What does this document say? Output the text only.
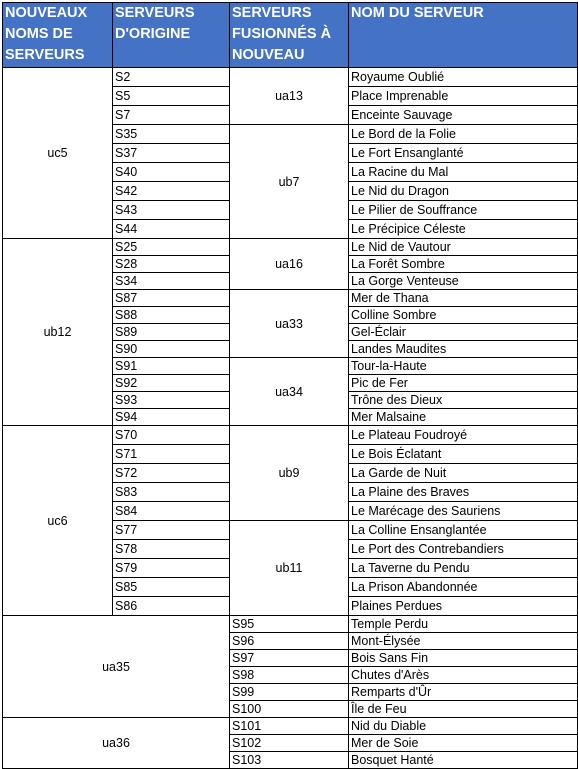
NOUVEAUX NOMS DE SERVEURS	SERVEURS D'ORIGINE	SERVEURS FUSIONNÉS À NOUVEAU	NOM DU SERVEUR
uc5	S2	ua13	Royaume Oublié
	S5		Place Imprenable
	S7		Enceinte Sauvage
	S35	ub7	Le Bord de la Folie
	S37		Le Fort Ensanglanté
	S40		La Racine du Mal
	S42		Le Nid du Dragon
	S43		Le Pilier de Souffrance
	S44		Le Précipice Céleste
ub12	S25	ua16	Le Nid de Vautour
	S28		La Forêt Sombre
	S34		La Gorge Venteuse
	S87	ua33	Mer de Thana
	S88		Colline Sombre
	S89		Gel-Éclair
	S90		Landes Maudites
	S91	ua34	Tour-la-Haute
	S92		Pic de Fer
	S93		Trône des Dieux
	S94		Mer Malsaine
uc6	S70	ub9	Le Plateau Foudroyé
	S71		Le Bois Éclatant
	S72		La Garde de Nuit
	S83		La Plaine des Braves
	S84		Le Marécage des Sauriens
	S77	ub11	La Colline Ensanglantée
	S78		Le Port des Contrebandiers
	S79		La Taverne du Pendu
	S85		La Prison Abandonnée
	S86		Plaines Perdues
ua35		S95	Temple Perdu
		S96	Mont-Élysée
		S97	Bois Sans Fin
		S98	Chutes d'Arès
		S99	Remparts d'Ûr
		S100	Île de Feu
ua36		S101	Nid du Diable
		S102	Mer de Soie
		S103	Bosquet Hanté
